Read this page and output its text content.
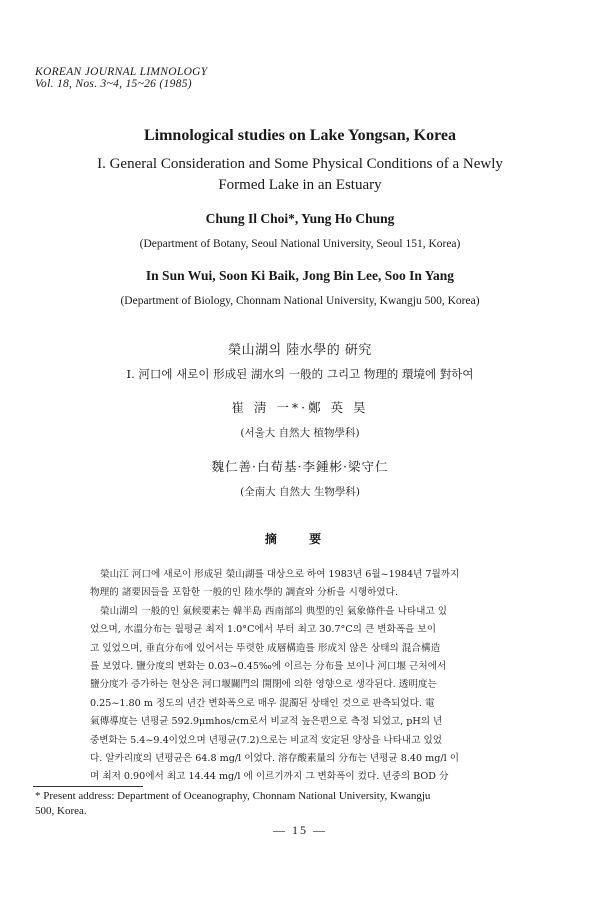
KOREAN JOURNAL LIMNOLOGY
Vol. 18, Nos. 3~4, 15~26 (1985)
Limnological studies on Lake Yongsan, Korea
I. General Consideration and Some Physical Conditions of a Newly
Formed Lake in an Estuary
Chung Il Choi*, Yung Ho Chung
(Department of Botany, Seoul National University, Seoul 151, Korea)
In Sun Wui, Soon Ki Baik, Jong Bin Lee, Soo In Yang
(Department of Biology, Chonnam National University, Kwangju 500, Korea)
榮山湖의 陸水學的 硏究
I. 河口에 새로이 形成된 湖水의 一般的 그리고 物理的 環境에 對하여
崔 淸 一*·鄭 英 昊
(서울大 自然大 植物學科)
魏仁善·白荀基·李鍾彬·梁守仁
(全南大 自然大 生物學科)
摘 要
榮山江 河口에 새로이 形成된 榮山湖를 대상으로 하여 1983년 6월~1984년 7월까지
物理的 諸要因들을 포함한 一般的인 陸水學的 調査와 分析을 시행하였다.
榮山湖의 一般的인 氣候要素는 韓半島 西南部의 典型的인 氣象條件을 나타내고 있
었으며, 水溫分布는 월평균 최저 1.0°C에서 부터 최고 30.7°C의 큰 변화폭을 보이
고 있었으며, 垂直分布에 있어서는 뚜렷한 成層構造를 形成치 않은 상태의 混合構造
를 보였다. 鹽分度의 변화는 0.03~0.45‰에 이르는 分布를 보이나 河口堰 근처에서
鹽分度가 증가하는 현상은 河口堰關門의 開閉에 의한 영향으로 생각된다. 透明度는
0.25~1.80 m 정도의 년간 변화폭으로 매우 混濁된 상태인 것으로 판측되었다. 電
氣傳導度는 년평균 592.9μmhos/cm로서 비교적 높은편으로 측정 되었고, pH의 년
중변화는 5.4~9.4이었으며 년평균(7.2)으로는 비교적 安定된 양상을 나타내고 있었
다. 알카리度의 년평균은 64.8 mg/l 이었다. 溶存酸素量의 分布는 년평균 8.40 mg/l 이
며 최저 0.90에서 최고 14.44 mg/l 에 이르기까지 그 변화폭이 컸다. 년중의 BOD 分
* Present address: Department of Oceanography, Chonnam National University, Kwangju
500, Korea.
— 15 —
